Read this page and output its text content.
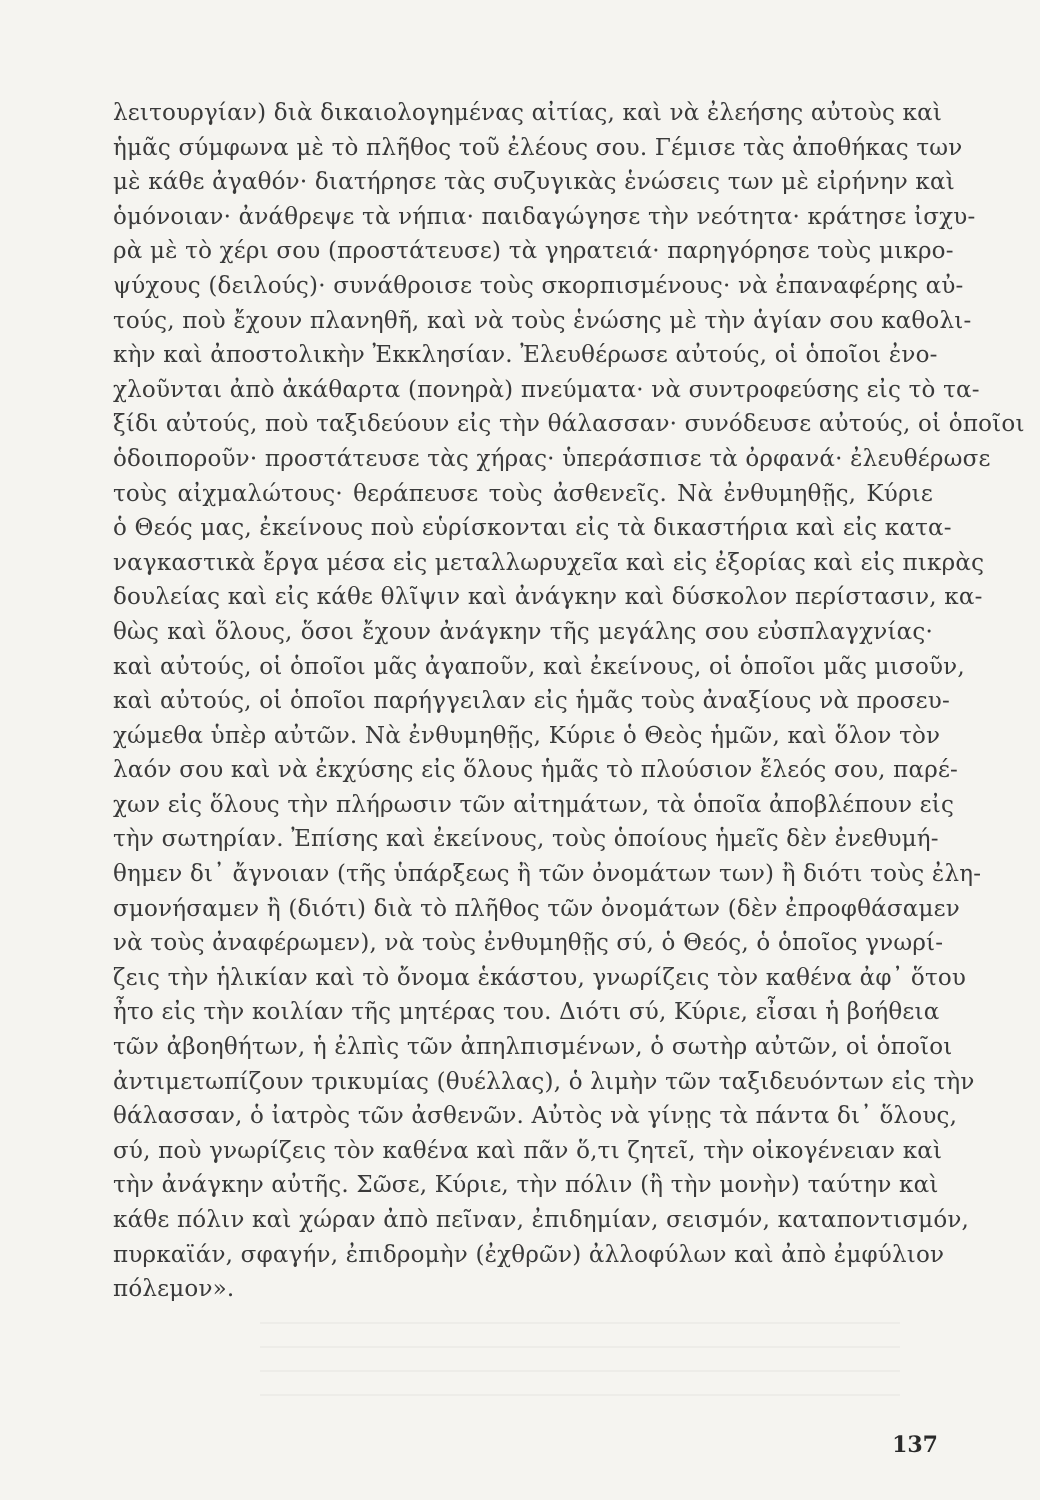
λειτουργίαν) διὰ δικαιολογημένας αἰτίας, καὶ νὰ ἐλεήσης αὐτοὺς καὶ
ἡμᾶς σύμφωνα μὲ τὸ πλῆθος τοῦ ἐλέους σου. Γέμισε τὰς ἀποθήκας των
μὲ κάθε ἀγαθόν· διατήρησε τὰς συζυγικὰς ἑνώσεις των μὲ εἰρήνην καὶ
ὁμόνοιαν· ἀνάθρεψε τὰ νήπια· παιδαγώγησε τὴν νεότητα· κράτησε ἰσχυ-
ρὰ μὲ τὸ χέρι σου (προστάτευσε) τὰ γηρατειά· παρηγόρησε τοὺς μικρο-
ψύχους (δειλούς)· συνάθροισε τοὺς σκορπισμένους· νὰ ἐπαναφέρης αὐ-
τούς, ποὺ ἔχουν πλανηθῆ, καὶ νὰ τοὺς ἑνώσης μὲ τὴν ἁγίαν σου καθολι-
κὴν καὶ ἀποστολικὴν Ἐκκλησίαν. Ἐλευθέρωσε αὐτούς, οἱ ὁποῖοι ἐνο-
χλοῦνται ἀπὸ ἀκάθαρτα (πονηρὰ) πνεύματα· νὰ συντροφεύσης εἰς τὸ τα-
ξίδι αὐτούς, ποὺ ταξιδεύουν εἰς τὴν θάλασσαν· συνόδευσε αὐτούς, οἱ ὁποῖοι
ὁδοιποροῦν· προστάτευσε τὰς χήρας· ὑπεράσπισε τὰ ὀρφανά· ἐλευθέρωσε
τοὺς αἰχμαλώτους· θεράπευσε τοὺς ἀσθενεῖς. Νὰ ἐνθυμηθῇς, Κύριε
ὁ Θεός μας, ἐκείνους ποὺ εὑρίσκονται εἰς τὰ δικαστήρια καὶ εἰς κατα-
ναγκαστικὰ ἔργα μέσα εἰς μεταλλωρυχεῖα καὶ εἰς ἐξορίας καὶ εἰς πικρὰς
δουλείας καὶ εἰς κάθε θλῖψιν καὶ ἀνάγκην καὶ δύσκολον περίστασιν, κα-
θὼς καὶ ὅλους, ὅσοι ἔχουν ἀνάγκην τῆς μεγάλης σου εὐσπλαγχνίας·
καὶ αὐτούς, οἱ ὁποῖοι μᾶς ἀγαποῦν, καὶ ἐκείνους, οἱ ὁποῖοι μᾶς μισοῦν,
καὶ αὐτούς, οἱ ὁποῖοι παρήγγειλαν εἰς ἡμᾶς τοὺς ἀναξίους νὰ προσευ-
χώμεθα ὑπὲρ αὐτῶν. Νὰ ἐνθυμηθῇς, Κύριε ὁ Θεὸς ἡμῶν, καὶ ὅλον τὸν
λαόν σου καὶ νὰ ἐκχύσης εἰς ὅλους ἡμᾶς τὸ πλούσιον ἔλεός σου, παρέ-
χων εἰς ὅλους τὴν πλήρωσιν τῶν αἰτημάτων, τὰ ὁποῖα ἀποβλέπουν εἰς
τὴν σωτηρίαν. Ἐπίσης καὶ ἐκείνους, τοὺς ὁποίους ἡμεῖς δὲν ἐνεθυμή-
θημεν δι᾽ ἄγνοιαν (τῆς ὑπάρξεως ἢ τῶν ὀνομάτων των) ἢ διότι τοὺς ἐλη-
σμονήσαμεν ἢ (διότι) διὰ τὸ πλῆθος τῶν ὀνομάτων (δὲν ἐπροφθάσαμεν
νὰ τοὺς ἀναφέρωμεν), νὰ τοὺς ἐνθυμηθῇς σύ, ὁ Θεός, ὁ ὁποῖος γνωρί-
ζεις τὴν ἡλικίαν καὶ τὸ ὄνομα ἑκάστου, γνωρίζεις τὸν καθένα ἀφ᾽ ὅτου
ἦτο εἰς τὴν κοιλίαν τῆς μητέρας του. Διότι σύ, Κύριε, εἶσαι ἡ βοήθεια
τῶν ἀβοηθήτων, ἡ ἐλπὶς τῶν ἀπηλπισμένων, ὁ σωτὴρ αὐτῶν, οἱ ὁποῖοι
ἀντιμετωπίζουν τρικυμίας (θυέλλας), ὁ λιμὴν τῶν ταξιδευόντων εἰς τὴν
θάλασσαν, ὁ ἰατρὸς τῶν ἀσθενῶν. Αὐτὸς νὰ γίνῃς τὰ πάντα δι᾽ ὅλους,
σύ, ποὺ γνωρίζεις τὸν καθένα καὶ πᾶν ὅ,τι ζητεῖ, τὴν οἰκογένειαν καὶ
τὴν ἀνάγκην αὐτῆς. Σῶσε, Κύριε, τὴν πόλιν (ἢ τὴν μονὴν) ταύτην καὶ
κάθε πόλιν καὶ χώραν ἀπὸ πεῖναν, ἐπιδημίαν, σεισμόν, καταποντισμόν,
πυρκαϊάν, σφαγήν, ἐπιδρομὴν (ἐχθρῶν) ἀλλοφύλων καὶ ἀπὸ ἐμφύλιον
πόλεμον».
137
